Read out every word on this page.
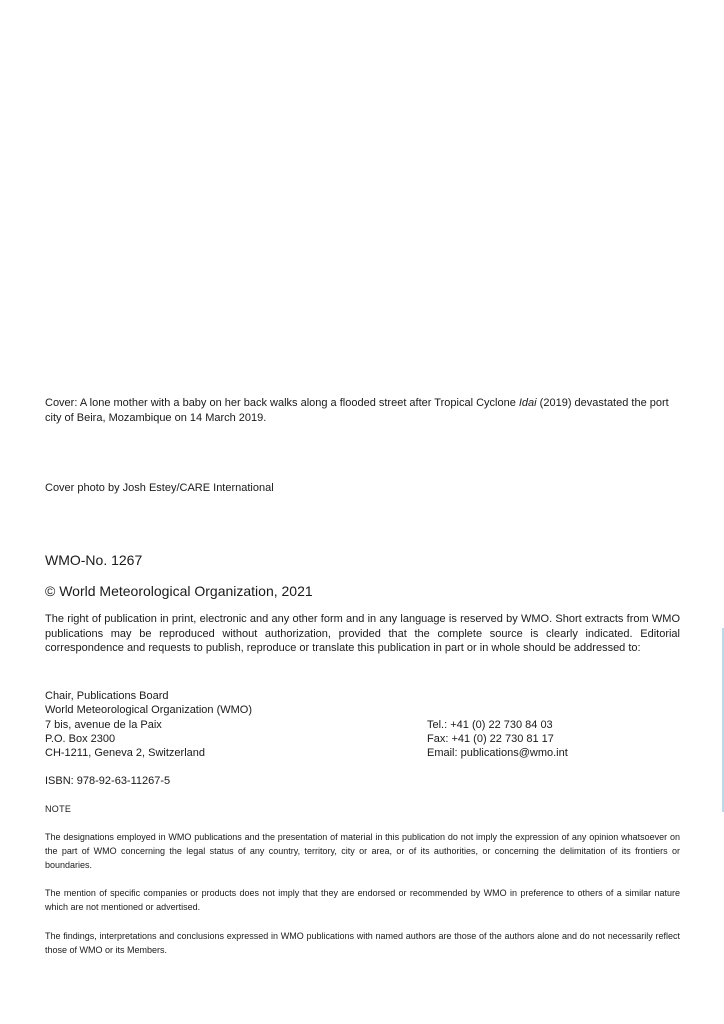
Cover: A lone mother with a baby on her back walks along a flooded street after Tropical Cyclone Idai (2019) devastated the port city of Beira, Mozambique on 14 March 2019.

Cover photo by Josh Estey/CARE International

WMO-No. 1267

© World Meteorological Organization, 2021

The right of publication in print, electronic and any other form and in any language is reserved by WMO. Short extracts from WMO publications may be reproduced without authorization, provided that the complete source is clearly indicated. Editorial correspondence and requests to publish, reproduce or translate this publication in part or in whole should be addressed to:

Chair, Publications Board
World Meteorological Organization (WMO)
7 bis, avenue de la Paix
P.O. Box 2300
CH-1211, Geneva 2, Switzerland
Tel.: +41 (0) 22 730 84 03
Fax: +41 (0) 22 730 81 17
Email: publications@wmo.int

ISBN: 978-92-63-11267-5

NOTE

The designations employed in WMO publications and the presentation of material in this publication do not imply the expression of any opinion whatsoever on the part of WMO concerning the legal status of any country, territory, city or area, or of its authorities, or concerning the delimitation of its frontiers or boundaries.

The mention of specific companies or products does not imply that they are endorsed or recommended by WMO in preference to others of a similar nature which are not mentioned or advertised.

The findings, interpretations and conclusions expressed in WMO publications with named authors are those of the authors alone and do not necessarily reflect those of WMO or its Members.
